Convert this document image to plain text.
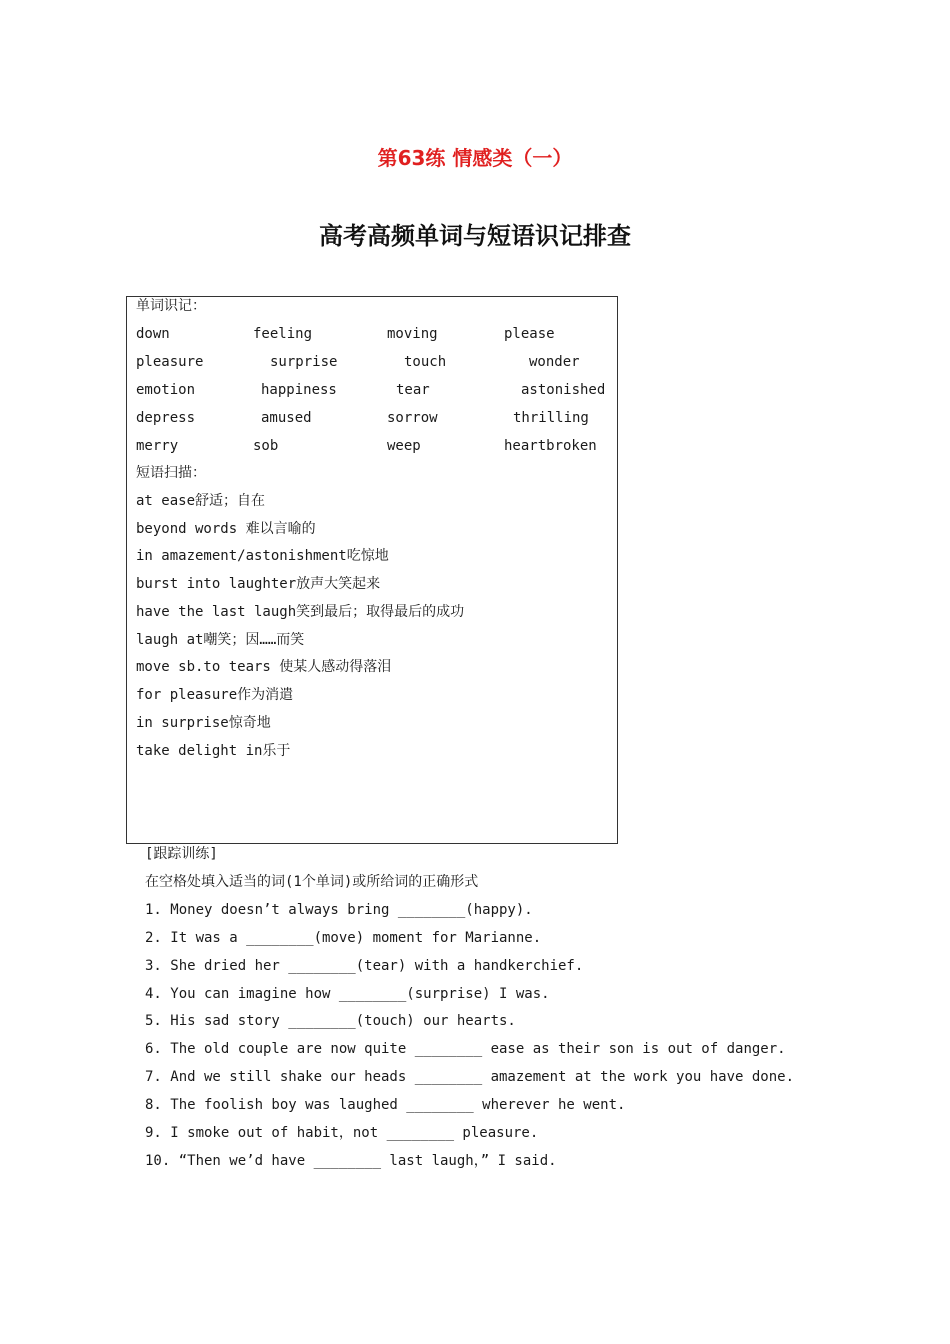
第63练 情感类（一）
高考高频单词与短语识记排查
单词识记：
down	feeling	moving	please
pleasure	surprise	touch	wonder
emotion	happiness	tear	astonished
depress	amused	sorrow	thrilling
merry	sob	weep	heartbroken
短语扫描：
at ease舒适；自在
beyond words 难以言喻的
in amazement/astonishment吃惊地
burst into laughter放声大笑起来
have the last laugh笑到最后；取得最后的成功
laugh at嘲笑；因……而笑
move sb.to tears 使某人感动得落泪
for pleasure作为消遣
in surprise惊奇地
take delight in乐于
[跟踪训练]
在空格处填入适当的词(1个单词)或所给词的正确形式
1. Money doesn’t always bring ________(happy).
2. It was a ________(move) moment for Marianne.
3. She dried her ________(tear) with a handkerchief.
4. You can imagine how ________(surprise) I was.
5. His sad story ________(touch) our hearts.
6. The old couple are now quite ________ ease as their son is out of danger.
7. And we still shake our heads ________ amazement at the work you have done.
8. The foolish boy was laughed ________ wherever he went.
9. I smoke out of habit，not ________ pleasure.
10. “Then we’d have ________ last laugh，” I said.
